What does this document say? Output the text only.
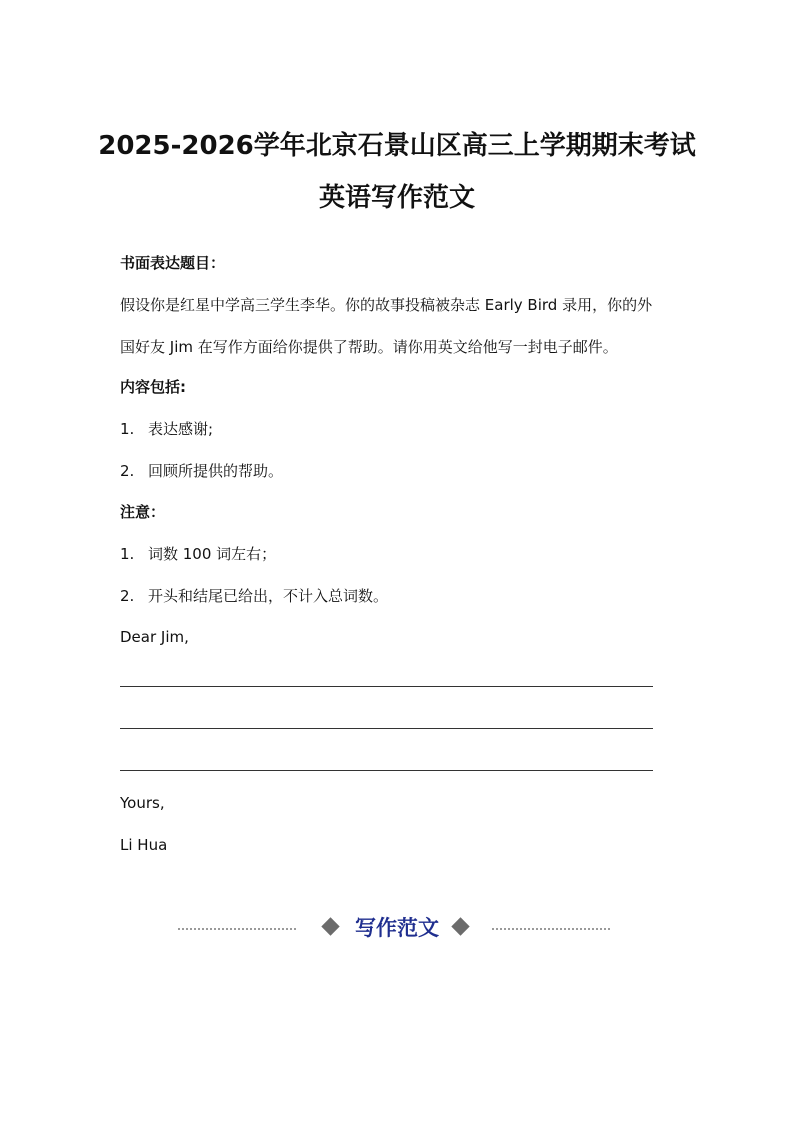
2025-2026学年北京石景山区高三上学期期末考试
英语写作范文

书面表达题目：

假设你是红星中学高三学生李华。你的故事投稿被杂志 Early Bird 录用，你的外

国好友 Jim 在写作方面给你提供了帮助。请你用英文给他写一封电子邮件。

内容包括:

1. 表达感谢;

2. 回顾所提供的帮助。

注意：

1. 词数 100 词左右；

2. 开头和结尾已给出，不计入总词数。

Dear Jim,

Yours,

Li Hua

写作范文
